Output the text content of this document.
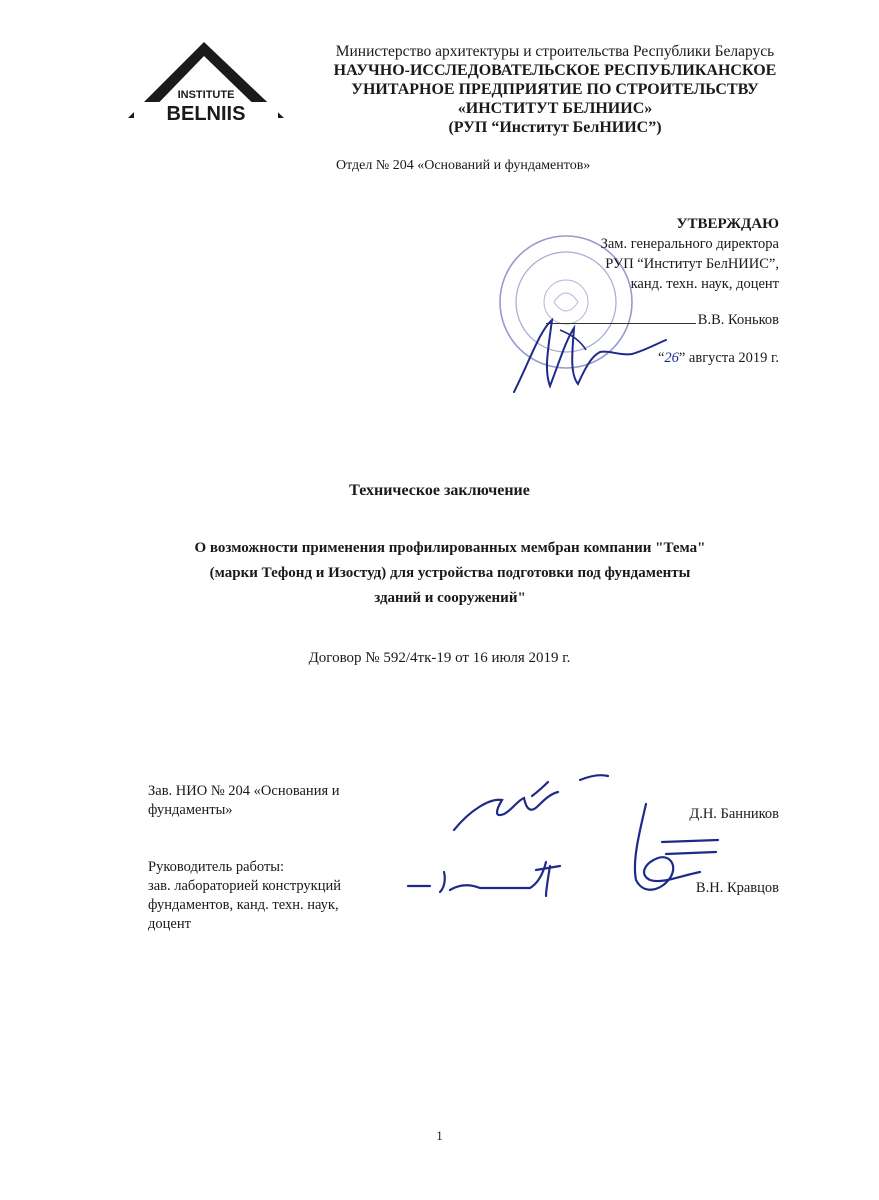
INSTITUTE
BELNIIS
Министерство архитектуры и строительства Республики Беларусь
НАУЧНО-ИССЛЕДОВАТЕЛЬСКОЕ РЕСПУБЛИКАНСКОЕ
УНИТАРНОЕ ПРЕДПРИЯТИЕ ПО СТРОИТЕЛЬСТВУ
«ИНСТИТУТ БЕЛНИИС»
(РУП “Институт БелНИИС”)
Отдел № 204 «Оснований и фундаментов»
УТВЕРЖДАЮ
Зам. генерального директора
РУП “Институт БелНИИС”,
канд. техн. наук, доцент
В.В. Коньков
“26” августа 2019 г.
Техническое заключение
О возможности применения профилированных мембран компании "Тема"
(марки Тефонд и Изостуд) для устройства подготовки под фундаменты
зданий и сооружений"
Договор № 592/4тк-19 от 16 июля 2019 г.
Зав. НИО № 204 «Основания и
фундаменты»	Д.Н. Банников
Руководитель работы:
зав. лабораторией конструкций
фундаментов, канд. техн. наук,
доцент
В.Н. Кравцов
1
